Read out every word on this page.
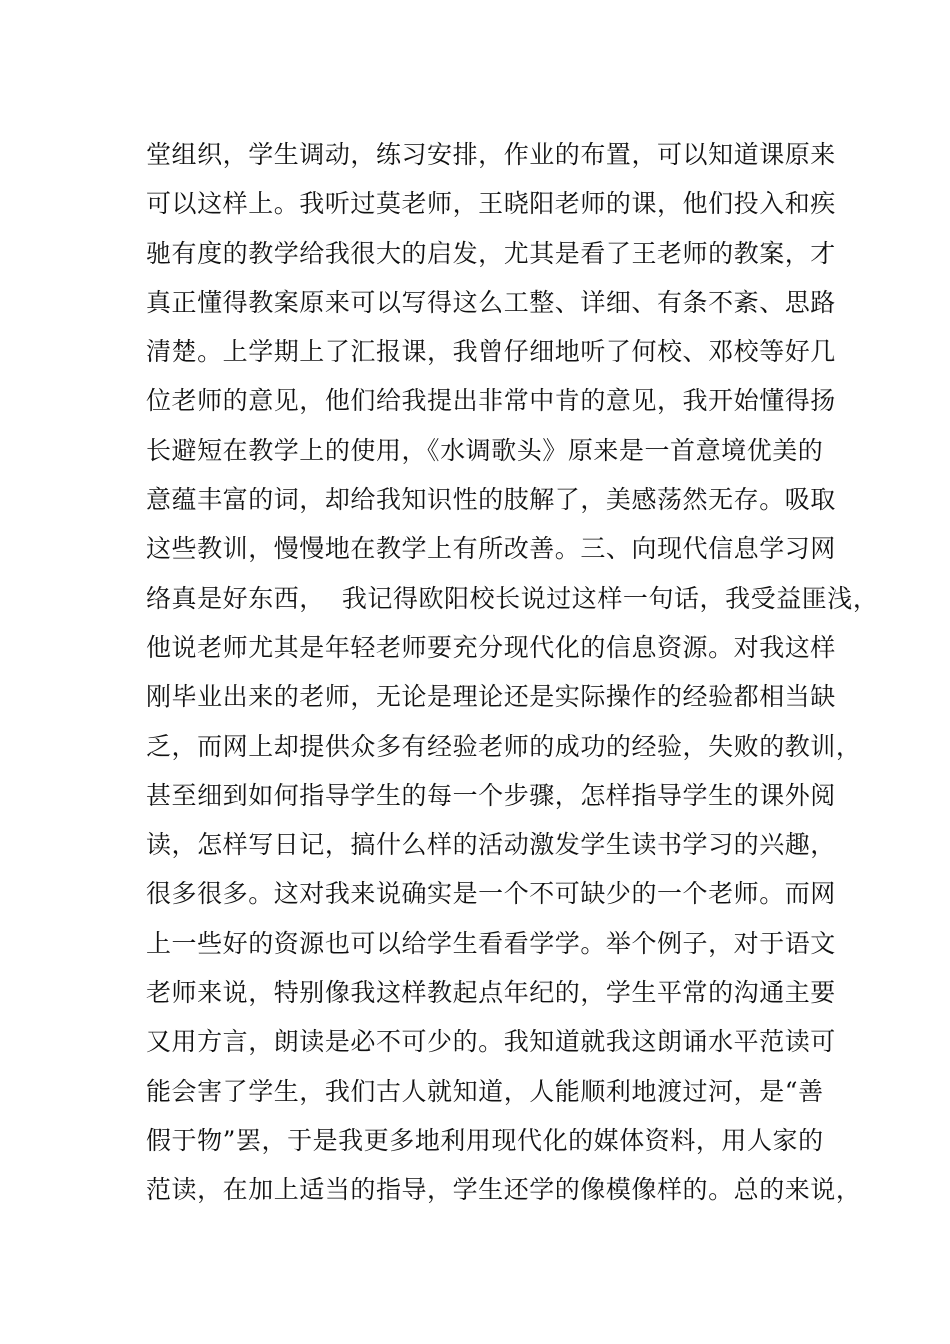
堂组织，学生调动，练习安排，作业的布置，可以知道课原来
可以这样上。我听过莫老师，王晓阳老师的课，他们投入和疾
驰有度的教学给我很大的启发，尤其是看了王老师的教案，才
真正懂得教案原来可以写得这么工整、详细、有条不紊、思路
清楚。上学期上了汇报课，我曾仔细地听了何校、邓校等好几
位老师的意见，他们给我提出非常中肯的意见，我开始懂得扬
长避短在教学上的使用，《水调歌头》原来是一首意境优美的
意蕴丰富的词，却给我知识性的肢解了，美感荡然无存。吸取
这些教训，慢慢地在教学上有所改善。三、向现代信息学习网
络真是好东西，  我记得欧阳校长说过这样一句话，我受益匪浅，
他说老师尤其是年轻老师要充分现代化的信息资源。对我这样
刚毕业出来的老师，无论是理论还是实际操作的经验都相当缺
乏，而网上却提供众多有经验老师的成功的经验，失败的教训，
甚至细到如何指导学生的每一个步骤，怎样指导学生的课外阅
读，怎样写日记，搞什么样的活动激发学生读书学习的兴趣，
很多很多。这对我来说确实是一个不可缺少的一个老师。而网
上一些好的资源也可以给学生看看学学。举个例子，对于语文
老师来说，特别像我这样教起点年纪的，学生平常的沟通主要
又用方言，朗读是必不可少的。我知道就我这朗诵水平范读可
能会害了学生，我们古人就知道，人能顺利地渡过河，是“善
假于物”罢，于是我更多地利用现代化的媒体资料，用人家的
范读，在加上适当的指导，学生还学的像模像样的。总的来说，
